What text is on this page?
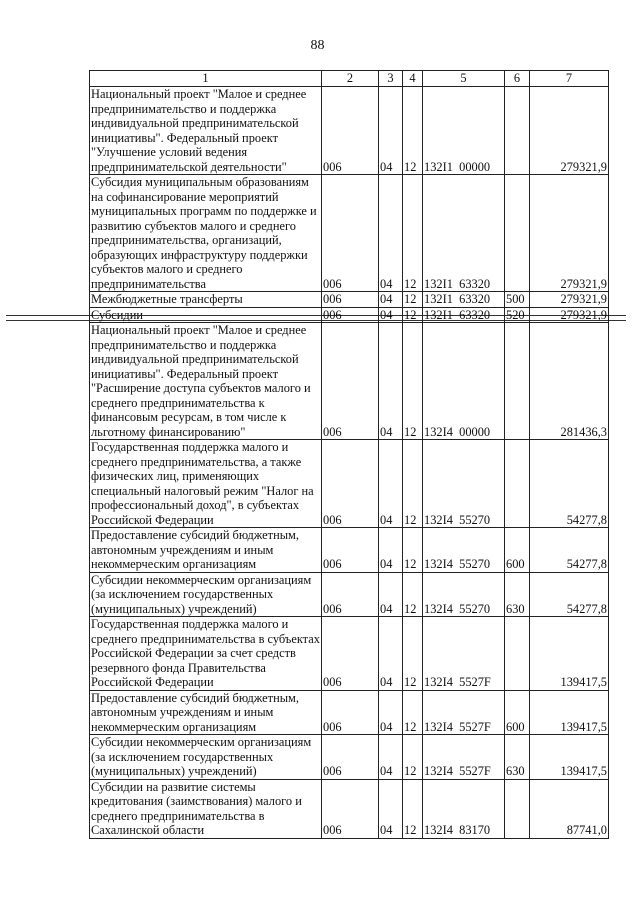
88
1	2	3	4	5	6	7
Национальный проект "Малое и среднее предпринимательство и поддержка индивидуальной предпринимательской инициативы". Федеральный проект "Улучшение условий ведения предпринимательской деятельности"	006	04	12	132I1 00000		279321,9
Субсидия муниципальным образованиям на софинансирование мероприятий муниципальных программ по поддержке и развитию субъектов малого и среднего предпринимательства, организаций, образующих инфраструктуру поддержки субъектов малого и среднего предпринимательства	006	04	12	132I1 63320		279321,9
Межбюджетные трансферты	006	04	12	132I1 63320	500	279321,9
Субсидии	006	04	12	132I1 63320	520	279321,9
Национальный проект "Малое и среднее предпринимательство и поддержка индивидуальной предпринимательской инициативы". Федеральный проект "Расширение доступа субъектов малого и среднего предпринимательства к финансовым ресурсам, в том числе к льготному финансированию"	006	04	12	132I4 00000		281436,3
Государственная поддержка малого и среднего предпринимательства, а также физических лиц, применяющих специальный налоговый режим "Налог на профессиональный доход", в субъектах Российской Федерации	006	04	12	132I4 55270		54277,8
Предоставление субсидий бюджетным, автономным учреждениям и иным некоммерческим организациям	006	04	12	132I4 55270	600	54277,8
Субсидии некоммерческим организациям (за исключением государственных (муниципальных) учреждений)	006	04	12	132I4 55270	630	54277,8
Государственная поддержка малого и среднего предпринимательства в субъектах Российской Федерации за счет средств резервного фонда Правительства Российской Федерации	006	04	12	132I4 5527F		139417,5
Предоставление субсидий бюджетным, автономным учреждениям и иным некоммерческим организациям	006	04	12	132I4 5527F	600	139417,5
Субсидии некоммерческим организациям (за исключением государственных (муниципальных) учреждений)	006	04	12	132I4 5527F	630	139417,5
Субсидии на развитие системы кредитования (заимствования) малого и среднего предпринимательства в Сахалинской области	006	04	12	132I4 83170		87741,0
